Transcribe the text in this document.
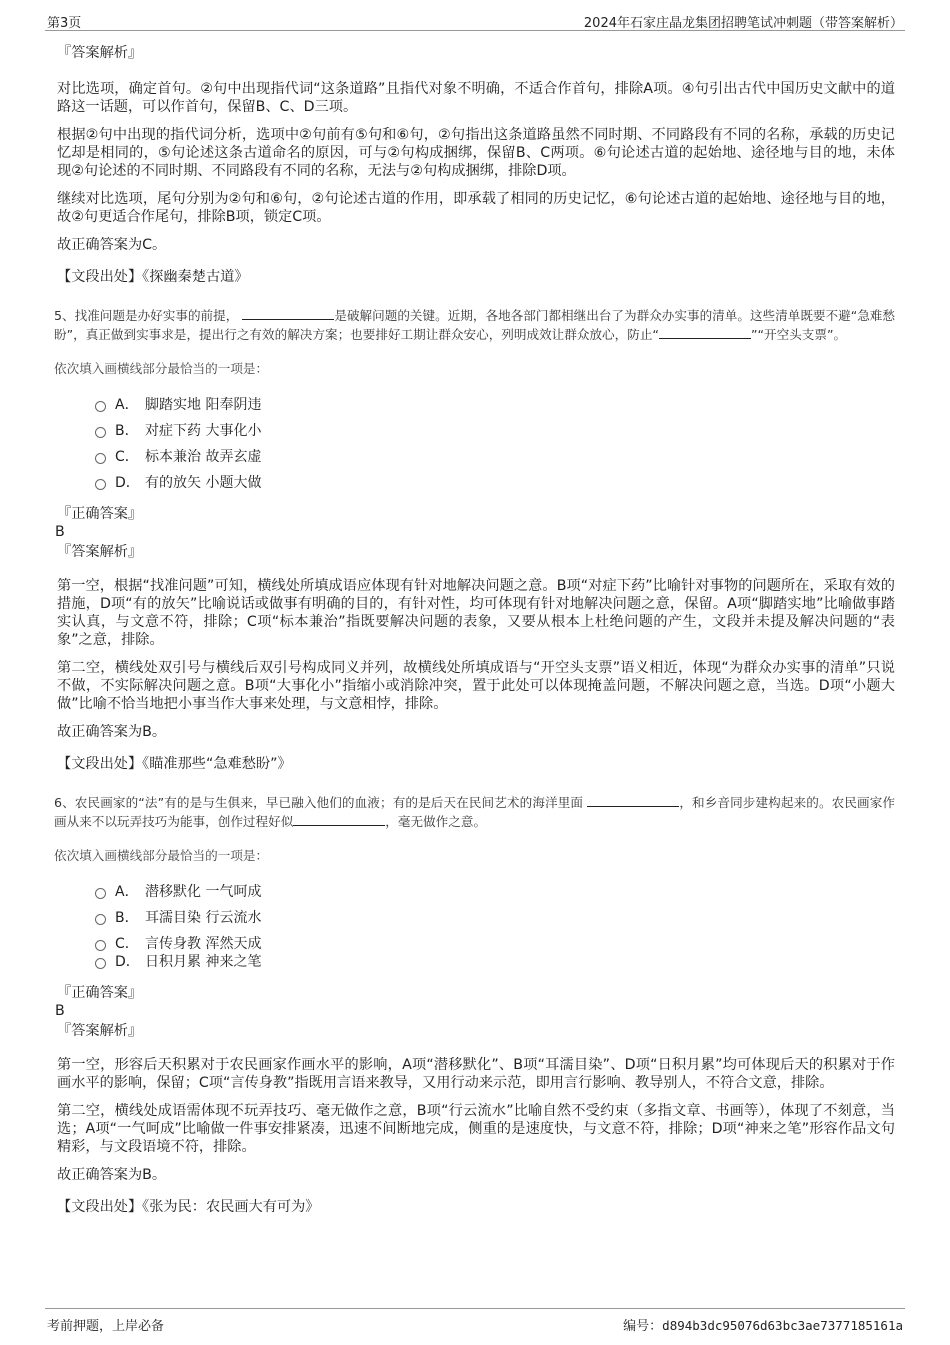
第3页	2024年石家庄晶龙集团招聘笔试冲刺题（带答案解析）

『答案解析』

对比选项，确定首句。②句中出现指代词“这条道路”且指代对象不明确，不适合作首句，排除A项。④句引出古代中国历史文献中的道路这一话题，可以作首句，保留B、C、D三项。

根据②句中出现的指代词分析，选项中②句前有⑤句和⑥句，②句指出这条道路虽然不同时期、不同路段有不同的名称，承载的历史记忆却是相同的，⑤句论述这条古道命名的原因，可与②句构成捆绑，保留B、C两项。⑥句论述古道的起始地、途径地与目的地，未体现②句论述的不同时期、不同路段有不同的名称，无法与②句构成捆绑，排除D项。

继续对比选项，尾句分别为②句和⑥句，②句论述古道的作用，即承载了相同的历史记忆，⑥句论述古道的起始地、途径地与目的地，故②句更适合作尾句，排除B项，锁定C项。

故正确答案为C。

【文段出处】《探幽秦楚古道》

5、找准问题是办好实事的前提，	是破解问题的关键。近期，各地各部门都相继出台了为群众办实事的清单。这些清单既要不避“急难愁盼”，真正做到实事求是，提出行之有效的解决方案；也要排好工期让群众安心，列明成效让群众放心，防止“	”“开空头支票”。

依次填入画横线部分最恰当的一项是：

A． 脚踏实地 阳奉阴违
B． 对症下药 大事化小
C． 标本兼治 故弄玄虚
D． 有的放矢 小题大做

『正确答案』

B

『答案解析』

第一空，根据“找准问题”可知，横线处所填成语应体现有针对地解决问题之意。B项“对症下药”比喻针对事物的问题所在，采取有效的措施，D项“有的放矢”比喻说话或做事有明确的目的，有针对性，均可体现有针对地解决问题之意，保留。A项“脚踏实地”比喻做事踏实认真，与文意不符，排除；C项“标本兼治”指既要解决问题的表象，又要从根本上杜绝问题的产生，文段并未提及解决问题的“表象”之意，排除。

第二空，横线处双引号与横线后双引号构成同义并列，故横线处所填成语与“开空头支票”语义相近，体现“为群众办实事的清单”只说不做，不实际解决问题之意。B项“大事化小”指缩小或消除冲突，置于此处可以体现掩盖问题，不解决问题之意，当选。D项“小题大做”比喻不恰当地把小事当作大事来处理，与文意相悖，排除。

故正确答案为B。

【文段出处】《瞄准那些“急难愁盼”》

6、农民画家的“法”有的是与生俱来，早已融入他们的血液；有的是后天在民间艺术的海洋里面	，和乡音同步建构起来的。农民画家作画从来不以玩弄技巧为能事，创作过程好似	，毫无做作之意。

依次填入画横线部分最恰当的一项是：

A． 潜移默化 一气呵成
B． 耳濡目染 行云流水
C． 言传身教 浑然天成
D． 日积月累 神来之笔

『正确答案』

B

『答案解析』

第一空，形容后天积累对于农民画家作画水平的影响，A项“潜移默化”、B项“耳濡目染”、D项“日积月累”均可体现后天的积累对于作画水平的影响，保留；C项“言传身教”指既用言语来教导，又用行动来示范，即用言行影响、教导别人，不符合文意，排除。

第二空，横线处成语需体现不玩弄技巧、毫无做作之意，B项“行云流水”比喻自然不受约束（多指文章、书画等），体现了不刻意，当选；A项“一气呵成”比喻做一件事安排紧凑，迅速不间断地完成，侧重的是速度快，与文意不符，排除；D项“神来之笔”形容作品文句精彩，与文段语境不符，排除。

故正确答案为B。

【文段出处】《张为民：农民画大有可为》

考前押题，上岸必备	编号：d894b3dc95076d63bc3ae7377185161a
